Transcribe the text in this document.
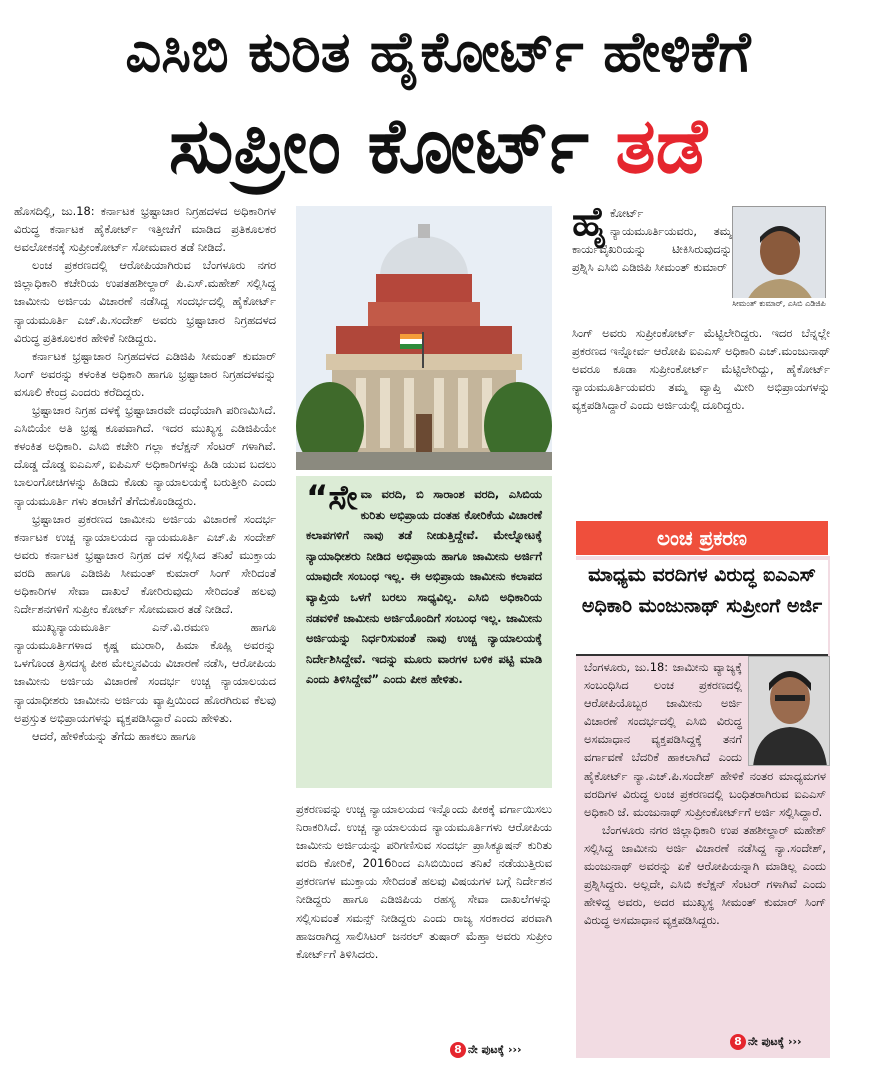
ಎಸಿಬಿ ಕುರಿತ ಹೈಕೋರ್ಟ್ ಹೇಳಿಕೆಗೆ
ಸುಪ್ರೀಂ ಕೋರ್ಟ್ ತಡೆ

ಹೊಸದಿಲ್ಲಿ, ಜು.18: ಕರ್ನಾಟಕ ಭ್ರಷ್ಟಾಚಾರ ನಿಗ್ರಹದಳದ ಅಧಿಕಾರಿಗಳ ವಿರುದ್ಧ ಕರ್ನಾಟಕ ಹೈಕೋರ್ಟ್ ಇತ್ತೀಚೆಗೆ ಮಾಡಿದ ಪ್ರತಿಕೂಲಕರ ಅವಲೋಕನಕ್ಕೆ ಸುಪ್ರೀಂಕೋರ್ಟ್ ಸೋಮವಾರ ತಡೆ ನೀಡಿದೆ.

ಲಂಚ ಪ್ರಕರಣದಲ್ಲಿ ಆರೋಪಿಯಾಗಿರುವ ಬೆಂಗಳೂರು ನಗರ ಜಿಲ್ಲಾಧಿಕಾರಿ ಕಚೇರಿಯ ಉಪತಹಶೀಲ್ದಾರ್ ಪಿ.ಎಸ್.ಮಹೇಶ್ ಸಲ್ಲಿಸಿದ್ದ ಜಾಮೀನು ಅರ್ಜಿಯ ವಿಚಾರಣೆ ನಡೆಸಿದ್ದ ಸಂದರ್ಭದಲ್ಲಿ ಹೈಕೋರ್ಟ್ ನ್ಯಾಯಮೂರ್ತಿ ಎಚ್.ಪಿ.ಸಂದೇಶ್ ಅವರು ಭ್ರಷ್ಟಾಚಾರ ನಿಗ್ರಹದಳದ ವಿರುದ್ಧ ಪ್ರತಿಕೂಲಕರ ಹೇಳಿಕೆ ನೀಡಿದ್ದರು.

ಕರ್ನಾಟಕ ಭ್ರಷ್ಟಾಚಾರ ನಿಗ್ರಹದಳದ ಎಡಿಜಿಪಿ ಸೀಮಂತ್ ಕುಮಾರ್ ಸಿಂಗ್ ಅವರನ್ನು ಕಳಂಕಿತ ಅಧಿಕಾರಿ ಹಾಗೂ ಭ್ರಷ್ಟಾಚಾರ ನಿಗ್ರಹದಳವನ್ನು ವಸೂಲಿ ಕೇಂದ್ರ ಎಂದರು ಕರೆದಿದ್ದರು.

ಭ್ರಷ್ಟಾಚಾರ ನಿಗ್ರಹ ದಳಕ್ಕೆ ಭ್ರಷ್ಟಾಚಾರವೇ ದಂಧೆಯಾಗಿ ಪರಿಣಮಿಸಿದೆ. ಎಸಿಬಿಯೇ ಅತಿ ಭ್ರಷ್ಟ ಕೂಪವಾಗಿದೆ. ಇದರ ಮುಖ್ಯಸ್ಥ ಎಡಿಜಿಪಿಯೇ ಕಳಂಕಿತ ಅಧಿಕಾರಿ. ಎಸಿಬಿ ಕಚೇರಿ ಗಲ್ಲಾ ಕಲೆಕ್ಷನ್ ಸೆಂಟರ್ ಗಳಾಗಿವೆ. ದೊಡ್ಡ ದೊಡ್ಡ ಐಎಎಸ್, ಐಪಿಎಸ್ ಅಧಿಕಾರಿಗಳನ್ನು ಹಿಡಿ ಯುವ ಬದಲು ಬಾಲಂಗೋಚಿಗಳನ್ನು ಹಿಡಿದು ಕೊಡು ನ್ಯಾಯಾಲಯಕ್ಕೆ ಬರುತ್ತೀರಿ ಎಂದು ನ್ಯಾಯಮೂರ್ತಿ ಗಳು ತರಾಟೆಗೆ ತೆಗೆದುಕೊಂಡಿದ್ದರು.

ಭ್ರಷ್ಟಾಚಾರ ಪ್ರಕರಣದ ಜಾಮೀನು ಅರ್ಜಿಯ ವಿಚಾರಣೆ ಸಂದರ್ಭ ಕರ್ನಾಟಕ ಉಚ್ಚ ನ್ಯಾಯಾಲಯದ ನ್ಯಾಯಮೂರ್ತಿ ಎಚ್.ಪಿ ಸಂದೇಶ್ ಅವರು ಕರ್ನಾಟಕ ಭ್ರಷ್ಟಾಚಾರ ನಿಗ್ರಹ ದಳ ಸಲ್ಲಿಸಿದ ತನಿಖೆ ಮುಕ್ತಾಯ ವರದಿ ಹಾಗೂ ಎಡಿಜಿಪಿ ಸೀಮಂತ್ ಕುಮಾರ್ ಸಿಂಗ್ ಸೇರಿದಂತೆ ಅಧಿಕಾರಿಗಳ ಸೇವಾ ದಾಖಲೆ ಕೋರಿರುವುದು ಸೇರಿದಂತೆ ಹಲವು ನಿರ್ದೇಶನಗಳಿಗೆ ಸುಪ್ರೀಂ ಕೋರ್ಟ್ ಸೋಮವಾರ ತಡೆ ನೀಡಿದೆ.

ಮುಖ್ಯನ್ಯಾಯಮೂರ್ತಿ ಎನ್.ವಿ.ರಮಣ ಹಾಗೂ ನ್ಯಾಯಮೂರ್ತಿಗಳಾದ ಕೃಷ್ಣ ಮುರಾರಿ, ಹಿಮಾ ಕೊಹ್ಲಿ ಅವರನ್ನು ಒಳಗೊಂಡ ತ್ರಿಸದಸ್ಯ ಪೀಠ ಮೇಲ್ಮನವಿಯ ವಿಚಾರಣೆ ನಡೆಸಿ, ಆರೋಪಿಯ ಜಾಮೀನು ಅರ್ಜಿಯ ವಿಚಾರಣೆ ಸಂದರ್ಭ ಉಚ್ಚ ನ್ಯಾಯಾಲಯದ ನ್ಯಾಯಾಧೀಶರು ಜಾಮೀನು ಅರ್ಜಿಯ ವ್ಯಾಪ್ತಿಯಿಂದ ಹೊರಗಿರುವ ಕೆಲವು ಅಪ್ರಸ್ತುತ ಅಭಿಪ್ರಾಯಗಳನ್ನು ವ್ಯಕ್ತಪಡಿಸಿದ್ದಾರೆ ಎಂದು ಹೇಳಿತು.

ಆದರೆ, ಹೇಳಿಕೆಯನ್ನು ತೆಗೆದು ಹಾಕಲು ಹಾಗೂ

“ಸೇವಾ ವರದಿ, ಬಿ ಸಾರಾಂಶ ವರದಿ, ಎಸಿಬಿಯ ಕುರಿತು ಅಭಿಪ್ರಾಯ ದಂತಹ ಕೋರಿಕೆಯ ವಿಚಾರಣೆ ಕಲಾಪಗಳಿಗೆ ನಾವು ತಡೆ ನೀಡುತ್ತಿದ್ದೇವೆ. ಮೇಲ್ನೋಟಕ್ಕೆ ನ್ಯಾಯಾಧೀಶರು ನೀಡಿದ ಅಭಿಪ್ರಾಯ ಹಾಗೂ ಜಾಮೀನು ಅರ್ಜಿಗೆ ಯಾವುದೇ ಸಂಬಂಧ ಇಲ್ಲ. ಈ ಅಭಿಪ್ರಾಯ ಜಾಮೀನು ಕಲಾಪದ ವ್ಯಾಪ್ತಿಯ ಒಳಗೆ ಬರಲು ಸಾಧ್ಯವಿಲ್ಲ. ಎಸಿಬಿ ಅಧಿಕಾರಿಯ ನಡವಳಿಕೆ ಜಾಮೀನು ಅರ್ಜಿಯೊಂದಿಗೆ ಸಂಬಂಧ ಇಲ್ಲ. ಜಾಮೀನು ಅರ್ಜಿಯನ್ನು ನಿರ್ಧರಿಸುವಂತೆ ನಾವು ಉಚ್ಚ ನ್ಯಾಯಾಲಯಕ್ಕೆ ನಿರ್ದೇಶಿಸಿದ್ದೇವೆ. ಇದನ್ನು ಮೂರು ವಾರಗಳ ಬಳಿಕ ಪಟ್ಟಿ ಮಾಡಿ ಎಂದು ತಿಳಿಸಿದ್ದೇವೆ” ಎಂದು ಪೀಠ ಹೇಳಿತು.

ಪ್ರಕರಣವನ್ನು ಉಚ್ಚ ನ್ಯಾಯಾಲಯದ ಇನ್ನೊಂದು ಪೀಠಕ್ಕೆ ವರ್ಗಾಯಿಸಲು ನಿರಾಕರಿಸಿದೆ. ಉಚ್ಚ ನ್ಯಾಯಾಲಯದ ನ್ಯಾಯಮೂರ್ತಿಗಳು ಆರೋಪಿಯ ಜಾಮೀನು ಅರ್ಜಿಯನ್ನು ಪರಿಗಣಿಸುವ ಸಂದರ್ಭ ಪ್ರಾಸಿಕ್ಯೂಷನ್ ಕುರಿತು ವರದಿ ಕೋರಿಕೆ, 2016ರಿಂದ ಎಸಿಬಿಯಿಂದ ತನಿಖೆ ನಡೆಯುತ್ತಿರುವ ಪ್ರಕರಣಗಳ ಮುಕ್ತಾಯ ಸೇರಿದಂತೆ ಹಲವು ವಿಷಯಗಳ ಬಗ್ಗೆ ನಿರ್ದೇಶನ ನೀಡಿದ್ದರು ಹಾಗೂ ಎಡಿಜಿಪಿಯ ರಹಸ್ಯ ಸೇವಾ ದಾಖಲೆಗಳನ್ನು ಸಲ್ಲಿಸುವಂತೆ ಸಮನ್ಸ್ ನೀಡಿದ್ದರು ಎಂದು ರಾಜ್ಯ ಸರಕಾರದ ಪರವಾಗಿ ಹಾಜರಾಗಿದ್ದ ಸಾಲಿಸಿಟರ್ ಜನರಲ್ ತುಷಾರ್ ಮೆಹ್ತಾ ಅವರು ಸುಪ್ರೀಂ ಕೋರ್ಟ್‌ಗೆ ತಿಳಿಸಿದರು.

8 ನೇ ಪುಟಕ್ಕೆ ›››
ಹೈಕೋರ್ಟ್ ನ್ಯಾಯಮೂರ್ತಿಯವರು, ತಮ್ಮ ಕಾರ್ಯವೈಖರಿಯನ್ನು ಟೀಕಿಸಿರುವುದನ್ನು ಪ್ರಶ್ನಿಸಿ ಎಸಿಬಿ ಎಡಿಜಿಪಿ ಸೀಮಂತ್ ಕುಮಾರ್
ಸೀಮಂತ್ ಕುಮಾರ್, ಎಸಿಬಿ ಎಡಿಜಿಪಿ

ಸಿಂಗ್ ಅವರು ಸುಪ್ರೀಂಕೋರ್ಟ್ ಮೆಟ್ಟಿಲೇರಿದ್ದರು. ಇದರ ಬೆನ್ನಲ್ಲೇ ಪ್ರಕರಣದ ಇನ್ನೋರ್ವ ಆರೋಪಿ ಐಎಎಸ್ ಅಧಿಕಾರಿ ಎಚ್.ಮಂಜುನಾಥ್ ಅವರೂ ಕೂಡಾ ಸುಪ್ರೀಂಕೋರ್ಟ್ ಮೆಟ್ಟಿಲೇರಿದ್ದು, ಹೈಕೋರ್ಟ್ ನ್ಯಾಯಮೂರ್ತಿಯವರು ತಮ್ಮ ವ್ಯಾಪ್ತಿ ಮೀರಿ ಅಭಿಪ್ರಾಯಗಳನ್ನು ವ್ಯಕ್ತಪಡಿಸಿದ್ದಾರೆ ಎಂದು ಅರ್ಜಿಯಲ್ಲಿ ದೂರಿದ್ದರು.

ಲಂಚ ಪ್ರಕರಣ
ಮಾಧ್ಯಮ ವರದಿಗಳ ವಿರುದ್ಧ ಐಎಎಸ್ ಅಧಿಕಾರಿ ಮಂಜುನಾಥ್ ಸುಪ್ರೀಂಗೆ ಅರ್ಜಿ

ಬೆಂಗಳೂರು, ಜು.18: ಜಾಮೀನು ವ್ಯಾಜ್ಯಕ್ಕೆ ಸಂಬಂಧಿಸಿದ ಲಂಚ ಪ್ರಕರಣದಲ್ಲಿ ಆರೋಪಿಯೊಬ್ಬರ ಜಾಮೀನು ಅರ್ಜಿ ವಿಚಾರಣೆ ಸಂದರ್ಭದಲ್ಲಿ ಎಸಿಬಿ ವಿರುದ್ಧ ಅಸಮಾಧಾನ ವ್ಯಕ್ತಪಡಿಸಿದ್ದಕ್ಕೆ ತನಗೆ ವರ್ಗಾವಣೆ ಬೆದರಿಕೆ ಹಾಕಲಾಗಿದೆ ಎಂದು ಹೈಕೋರ್ಟ್ ನ್ಯಾ.ಎಚ್.ಪಿ.ಸಂದೇಶ್ ಹೇಳಿಕೆ ನಂತರ ಮಾಧ್ಯಮಗಳ ವರದಿಗಳ ವಿರುದ್ಧ ಲಂಚ ಪ್ರಕರಣದಲ್ಲಿ ಬಂಧಿತರಾಗಿರುವ ಐಎಎಸ್ ಅಧಿಕಾರಿ ಜೆ. ಮಂಜುನಾಥ್ ಸುಪ್ರೀಂಕೋರ್ಟ್‌ಗೆ ಅರ್ಜಿ ಸಲ್ಲಿಸಿದ್ದಾರೆ.

ಬೆಂಗಳೂರು ನಗರ ಜಿಲ್ಲಾಧಿಕಾರಿ ಉಪ ತಹಶೀಲ್ದಾರ್ ಮಹೇಶ್ ಸಲ್ಲಿಸಿದ್ದ ಜಾಮೀನು ಅರ್ಜಿ ವಿಚಾರಣೆ ನಡೆಸಿದ್ದ ನ್ಯಾ.ಸಂದೇಶ್, ಮಂಜುನಾಥ್ ಅವರನ್ನು ಏಕೆ ಆರೋಪಿಯನ್ನಾಗಿ ಮಾಡಿಲ್ಲ ಎಂದು ಪ್ರಶ್ನಿಸಿದ್ದರು. ಅಲ್ಲದೇ, ಎಸಿಬಿ ಕಲೆಕ್ಷನ್ ಸೆಂಟರ್ ಗಳಾಗಿವೆ ಎಂದು ಹೇಳಿದ್ದ ಅವರು, ಅದರ ಮುಖ್ಯಸ್ಥ ಸೀಮಂತ್ ಕುಮಾರ್ ಸಿಂಗ್ ವಿರುದ್ಧ ಅಸಮಾಧಾನ ವ್ಯಕ್ತಪಡಿಸಿದ್ದರು.

8 ನೇ ಪುಟಕ್ಕೆ ›››
